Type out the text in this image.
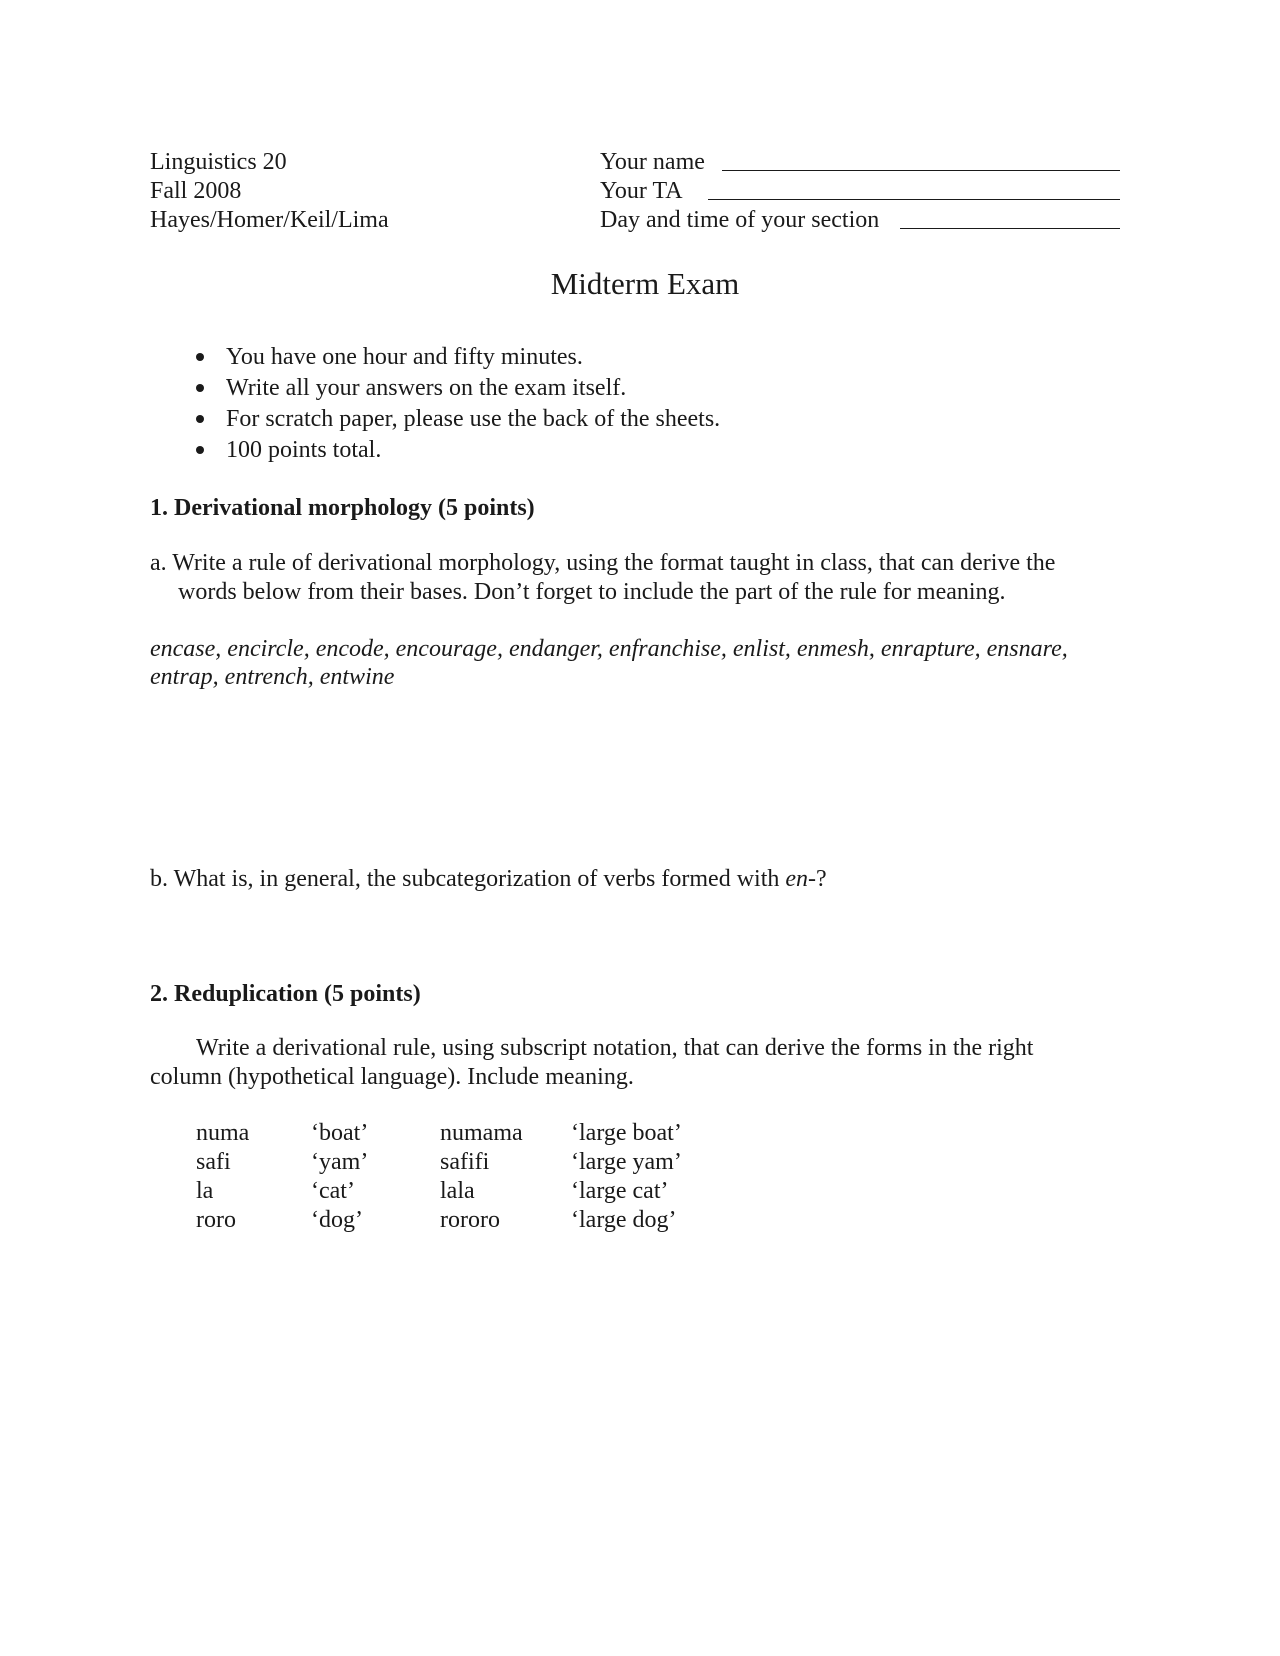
Linguistics 20
Fall 2008
Hayes/Homer/Keil/Lima
Your name
Your TA
Day and time of your section
Midterm Exam
You have one hour and fifty minutes.
Write all your answers on the exam itself.
For scratch paper, please use the back of the sheets.
100 points total.
1. Derivational morphology (5 points)
a. Write a rule of derivational morphology, using the format taught in class, that can derive the
words below from their bases. Don’t forget to include the part of the rule for meaning.
encase, encircle, encode, encourage, endanger, enfranchise, enlist, enmesh, enrapture, ensnare,
entrap, entrench, entwine
b. What is, in general, the subcategorization of verbs formed with en-?
2. Reduplication (5 points)
Write a derivational rule, using subscript notation, that can derive the forms in the right
column (hypothetical language). Include meaning.
numa	‘boat’	numama ‘large boat’
safi	‘yam’	safifi	‘large yam’
la	‘cat’	lala	‘large cat’
roro	‘dog’	rororo	‘large dog’
